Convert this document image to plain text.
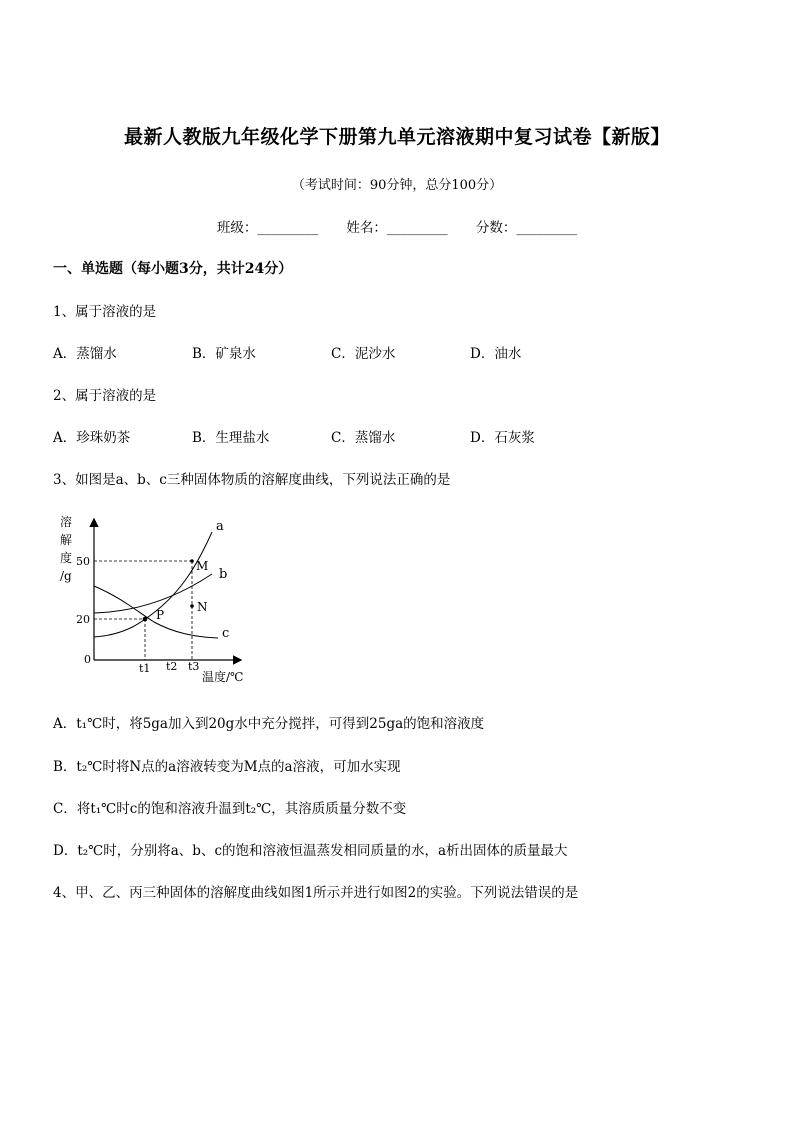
最新人教版九年级化学下册第九单元溶液期中复习试卷【新版】
（考试时间：90分钟，总分100分）
班级：_________ 姓名：_________ 分数：_________
一、单选题（每小题3分，共计24分）
1、属于溶液的是
A．蒸馏水	B．矿泉水	C．泥沙水	D．油水
2、属于溶液的是
A．珍珠奶茶	B．生理盐水	C．蒸馏水	D．石灰浆
3、如图是a、b、c三种固体物质的溶解度曲线，下列说法正确的是
溶
解
度
/g
50
20
0
P
M
N
a
b
c
t1 t2 t3
温度/℃
A．t₁℃时，将5ga加入到20g水中充分搅拌，可得到25ga的饱和溶液度
B．t₂℃时将N点的a溶液转变为M点的a溶液，可加水实现
C．将t₁℃时c的饱和溶液升温到t₂℃，其溶质质量分数不变
D．t₂℃时，分别将a、b、c的饱和溶液恒温蒸发相同质量的水，a析出固体的质量最大
4、甲、乙、丙三种固体的溶解度曲线如图1所示并进行如图2的实验。下列说法错误的是
